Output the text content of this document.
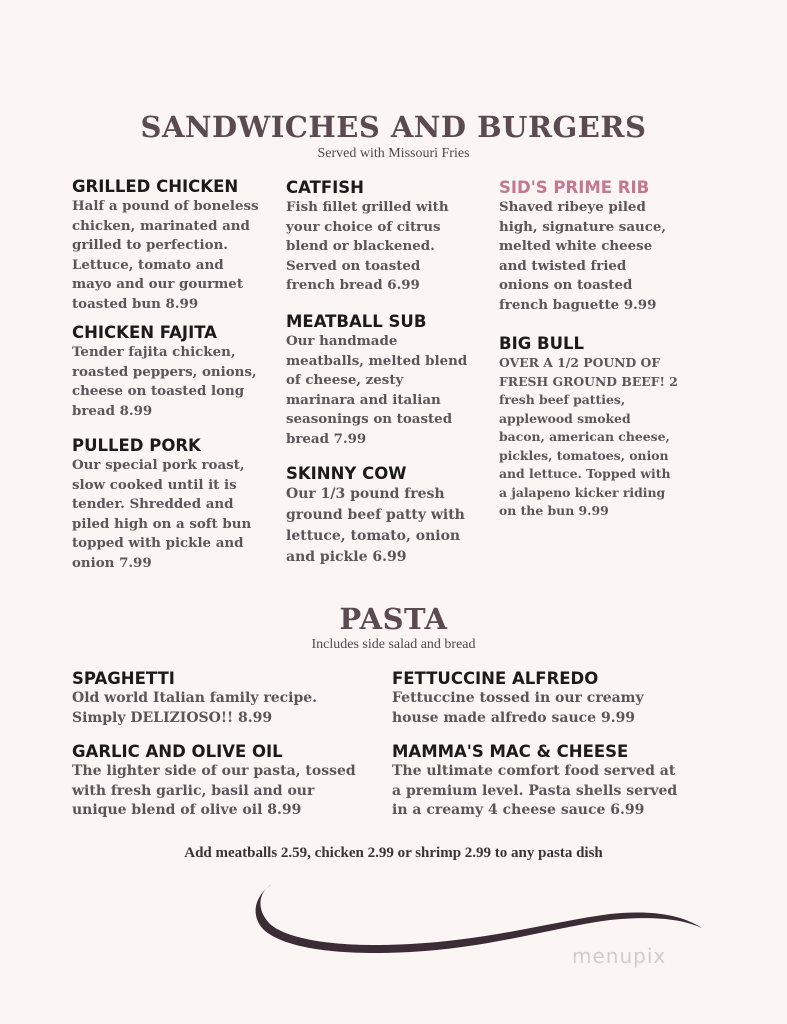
SANDWICHES AND BURGERS
Served with Missouri Fries
GRILLED CHICKEN
Half a pound of boneless chicken, marinated and grilled to perfection. Lettuce, tomato and mayo and our gourmet toasted bun 8.99
CHICKEN FAJITA
Tender fajita chicken, roasted peppers, onions, cheese on toasted long bread 8.99
PULLED PORK
Our special pork roast, slow cooked until it is tender. Shredded and piled high on a soft bun topped with pickle and onion 7.99
CATFISH
Fish fillet grilled with your choice of citrus blend or blackened. Served on toasted french bread 6.99
MEATBALL SUB
Our handmade meatballs, melted blend of cheese, zesty marinara and italian seasonings on toasted bread 7.99
SKINNY COW
Our 1/3 pound fresh ground beef patty with lettuce, tomato, onion and pickle 6.99
SID'S PRIME RIB
Shaved ribeye piled high, signature sauce, melted white cheese and twisted fried onions on toasted french baguette 9.99
BIG BULL
OVER A 1/2 POUND OF FRESH GROUND BEEF! 2 fresh beef patties, applewood smoked bacon, american cheese, pickles, tomatoes, onion and lettuce. Topped with a jalapeno kicker riding on the bun 9.99
PASTA
Includes side salad and bread
SPAGHETTI
Old world Italian family recipe. Simply DELIZIOSO!! 8.99
GARLIC AND OLIVE OIL
The lighter side of our pasta, tossed with fresh garlic, basil and our unique blend of olive oil 8.99
FETTUCCINE ALFREDO
Fettuccine tossed in our creamy house made alfredo sauce 9.99
MAMMA'S MAC & CHEESE
The ultimate comfort food served at a premium level. Pasta shells served in a creamy 4 cheese sauce 6.99
Add meatballs 2.59, chicken 2.99 or shrimp 2.99 to any pasta dish
menupix
